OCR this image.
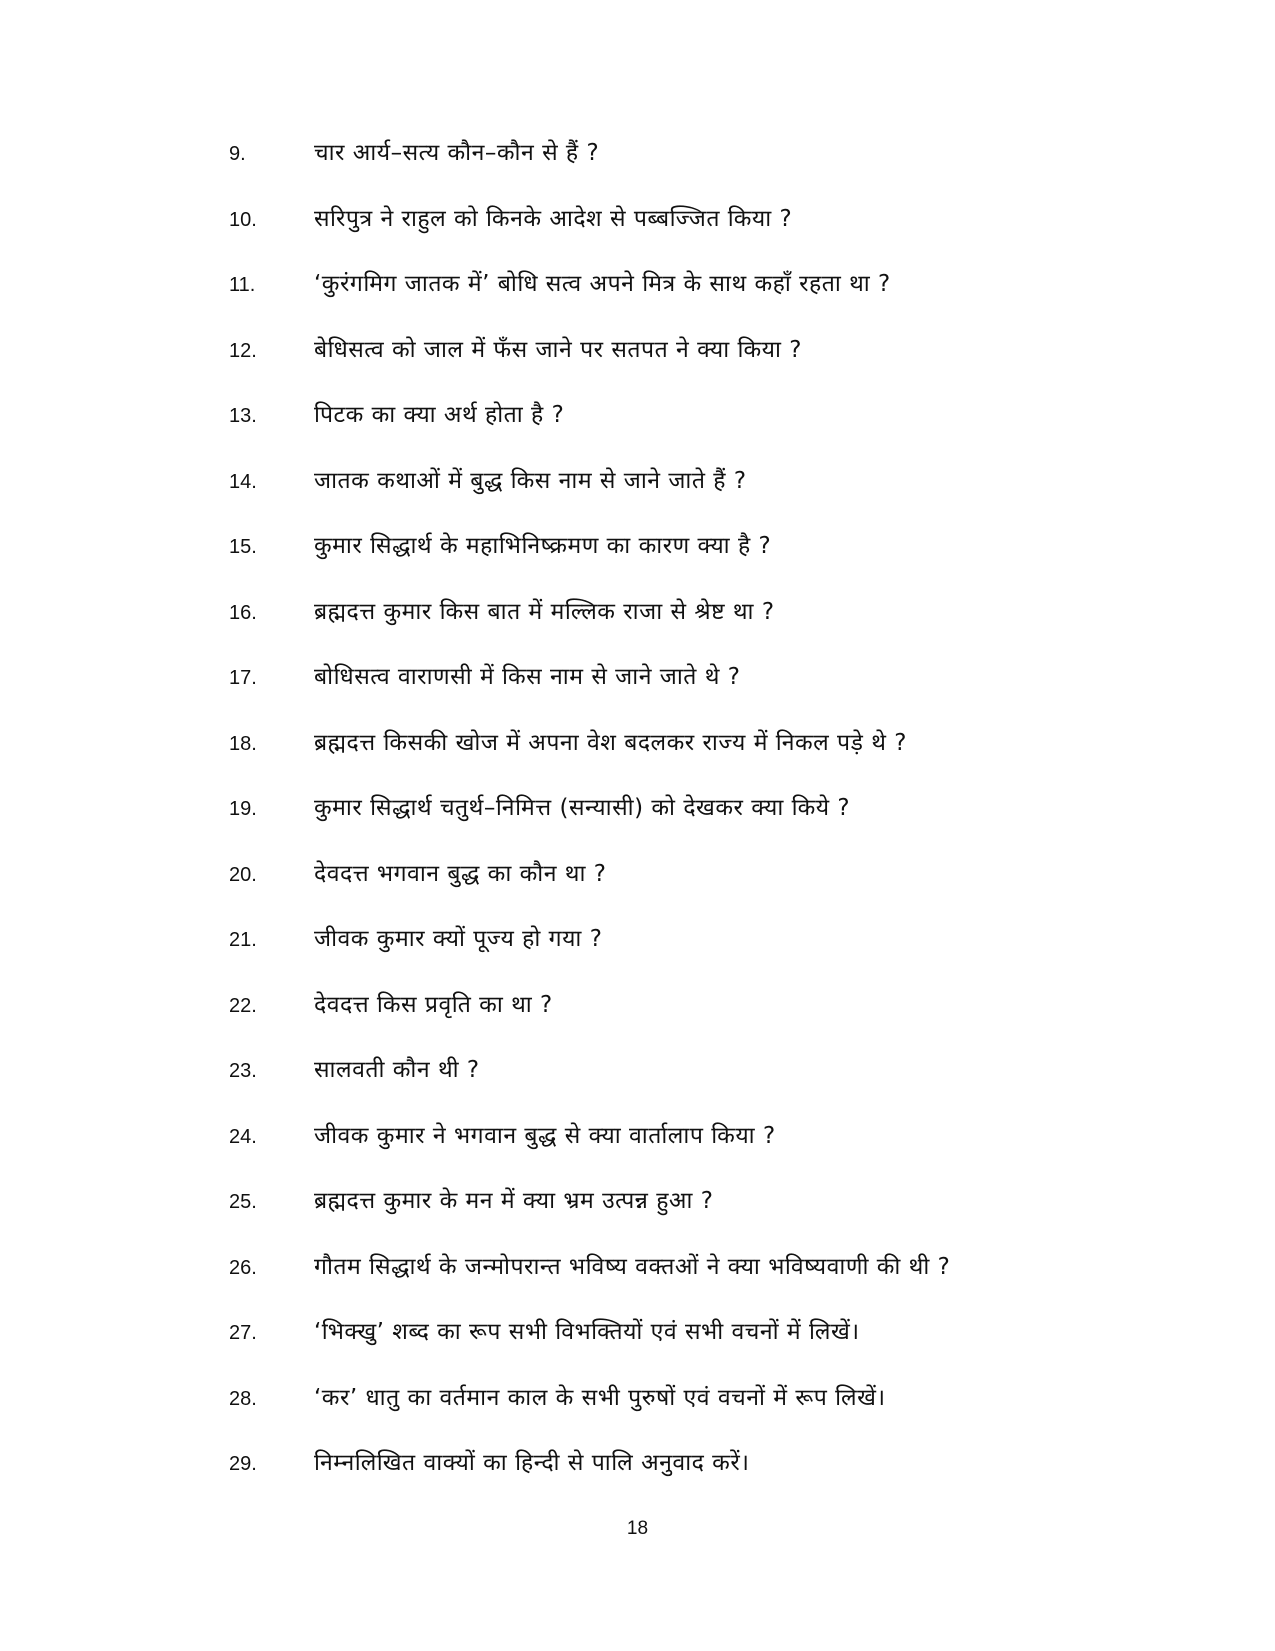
9.	चार आर्य–सत्य कौन–कौन से हैं ?
10.	सरिपुत्र ने राहुल को किनके आदेश से पब्बज्जित किया ?
11.	‘कुरंगमिग जातक में’ बोधि सत्व अपने मित्र के साथ कहाँ रहता था ?
12.	बेधिसत्व को जाल में फँस जाने पर सतपत ने क्या किया ?
13.	पिटक का क्या अर्थ होता है ?
14.	जातक कथाओं में बुद्ध किस नाम से जाने जाते हैं ?
15.	कुमार सिद्धार्थ के महाभिनिष्क्रमण का कारण क्या है ?
16.	ब्रह्मदत्त कुमार किस बात में मल्लिक राजा से श्रेष्ट था ?
17.	बोधिसत्व वाराणसी में किस नाम से जाने जाते थे ?
18.	ब्रह्मदत्त किसकी खोज में अपना वेश बदलकर राज्य में निकल पड़े थे ?
19.	कुमार सिद्धार्थ चतुर्थ–निमित्त (सन्यासी) को देखकर क्या किये ?
20.	देवदत्त भगवान बुद्ध का कौन था ?
21.	जीवक कुमार क्यों पूज्य हो गया ?
22.	देवदत्त किस प्रवृति का था ?
23.	सालवती कौन थी ?
24.	जीवक कुमार ने भगवान बुद्ध से क्या वार्तालाप किया ?
25.	ब्रह्मदत्त कुमार के मन में क्या भ्रम उत्पन्न हुआ ?
26.	गौतम सिद्धार्थ के जन्मोपरान्त भविष्य वक्तओं ने क्या भविष्यवाणी की थी ?
27.	‘भिक्खु’ शब्द का रूप सभी विभक्तियों एवं सभी वचनों में लिखें।
28.	‘कर’ धातु का वर्तमान काल के सभी पुरुषों एवं वचनों में रूप लिखें।
29.	निम्नलिखित वाक्यों का हिन्दी से पालि अनुवाद करें।
18
